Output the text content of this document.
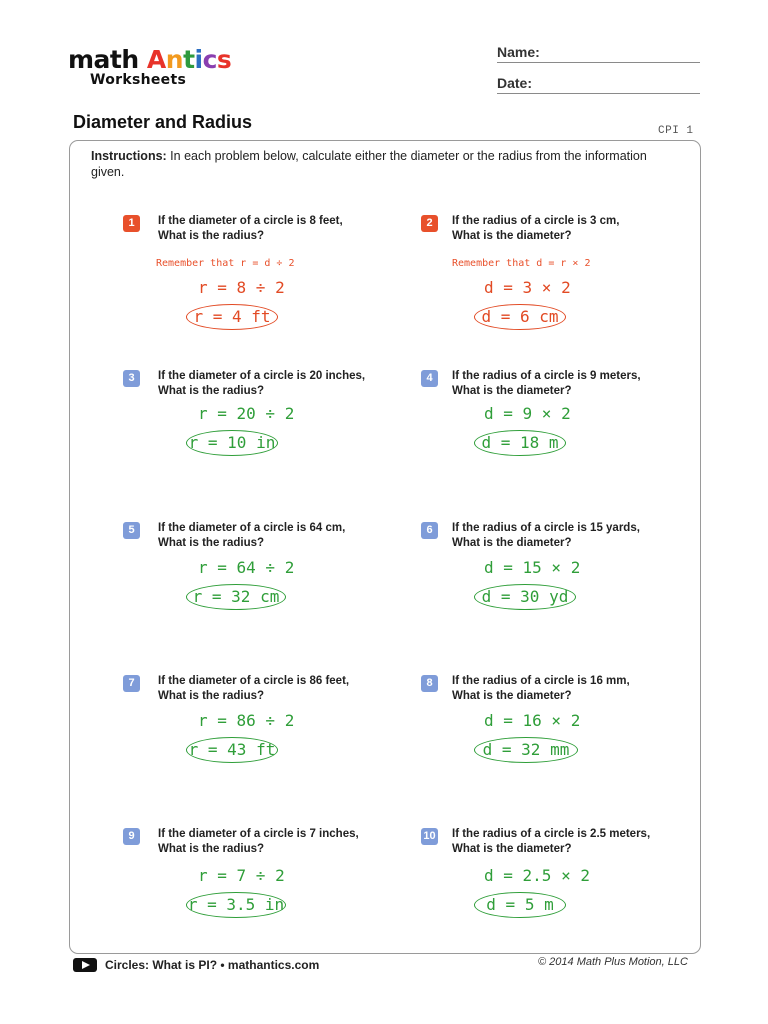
math Antics
Worksheets
Name:
Date:
Diameter and Radius	CPI 1
Instructions: In each problem below, calculate either the diameter or the radius from the information given.
1	If the diameter of a circle is 8 feet,
What is the radius?
Remember that r = d ÷ 2
r = 8 ÷ 2
r = 4 ft
2	If the radius of a circle is 3 cm,
What is the diameter?
Remember that d = r × 2
d = 3 × 2
d = 6 cm
3	If the diameter of a circle is 20 inches,
What is the radius?
r = 20 ÷ 2
r = 10 in
4	If the radius of a circle is 9 meters,
What is the diameter?
d = 9 × 2
d = 18 m
5	If the diameter of a circle is 64 cm,
What is the radius?
r = 64 ÷ 2
r = 32 cm
6	If the radius of a circle is 15 yards,
What is the diameter?
d = 15 × 2
d = 30 yd
7	If the diameter of a circle is 86 feet,
What is the radius?
r = 86 ÷ 2
r = 43 ft
8	If the radius of a circle is 16 mm,
What is the diameter?
d = 16 × 2
d = 32 mm
9	If the diameter of a circle is 7 inches,
What is the radius?
r = 7 ÷ 2
r = 3.5 in
10 If the radius of a circle is 2.5 meters,
What is the diameter?
d = 2.5 × 2
d = 5 m
Circles: What is PI? • mathantics.com	© 2014 Math Plus Motion, LLC
